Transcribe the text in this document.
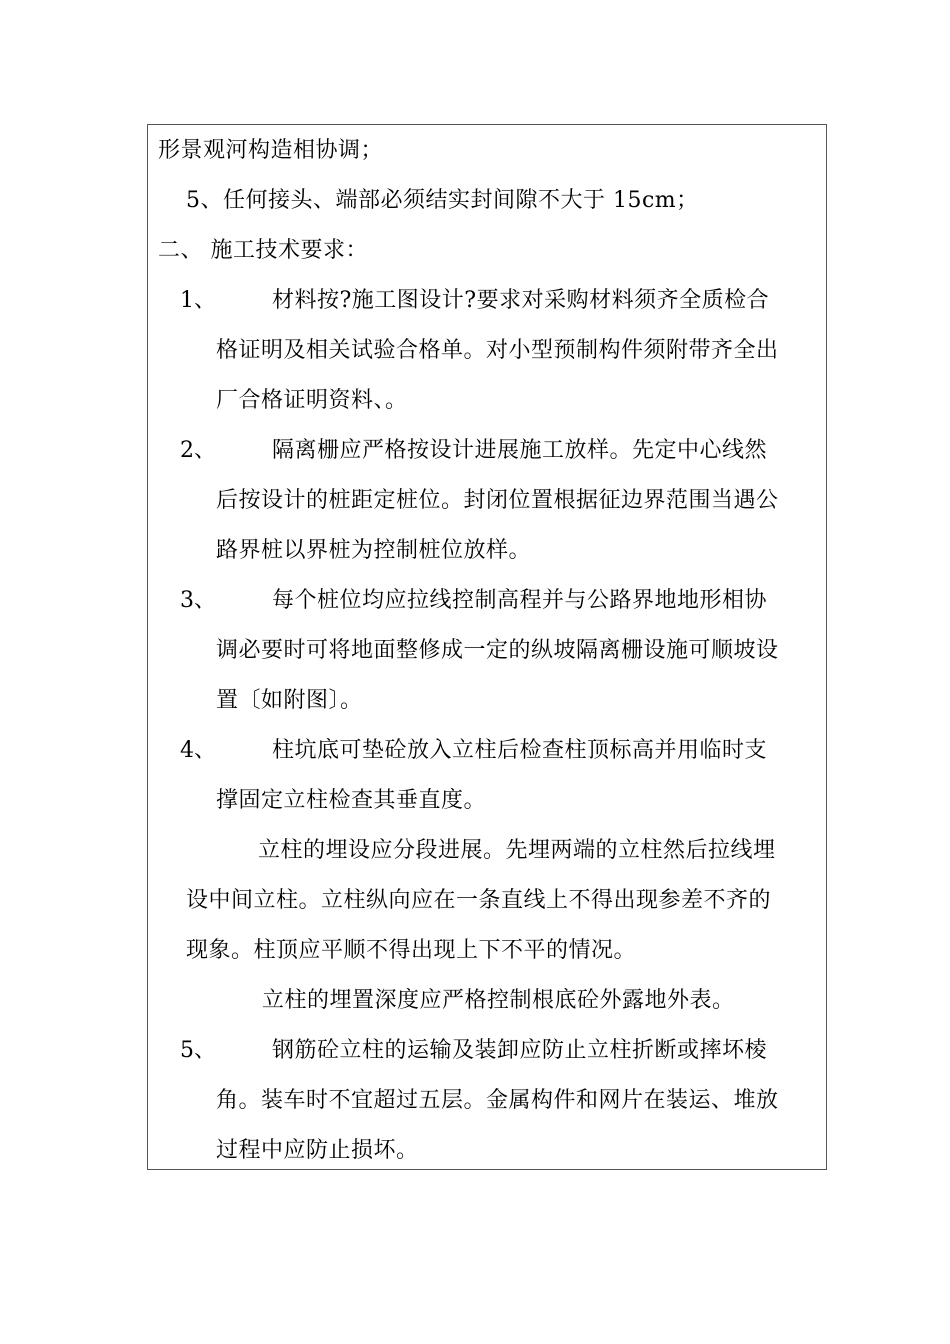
形景观河构造相协调；
5、任何接头、端部必须结实封间隙不大于 15cm；
二、 施工技术要求：
1、	材料按?施工图设计?要求对采购材料须齐全质检合
格证明及相关试验合格单。对小型预制构件须附带齐全出
厂合格证明资料、。
2、	隔离栅应严格按设计进展施工放样。先定中心线然
后按设计的桩距定桩位。封闭位置根据征边界范围当遇公
路界桩以界桩为控制桩位放样。
3、	每个桩位均应拉线控制高程并与公路界地地形相协
调必要时可将地面整修成一定的纵坡隔离栅设施可顺坡设
置〔如附图〕。
4、	柱坑底可垫砼放入立柱后检查柱顶标高并用临时支
撑固定立柱检查其垂直度。
立柱的埋设应分段进展。先埋两端的立柱然后拉线埋
设中间立柱。立柱纵向应在一条直线上不得出现参差不齐的
现象。柱顶应平顺不得出现上下不平的情况。
立柱的埋置深度应严格控制根底砼外露地外表。
5、	钢筋砼立柱的运输及装卸应防止立柱折断或摔坏棱
角。装车时不宜超过五层。金属构件和网片在装运、堆放
过程中应防止损坏。
